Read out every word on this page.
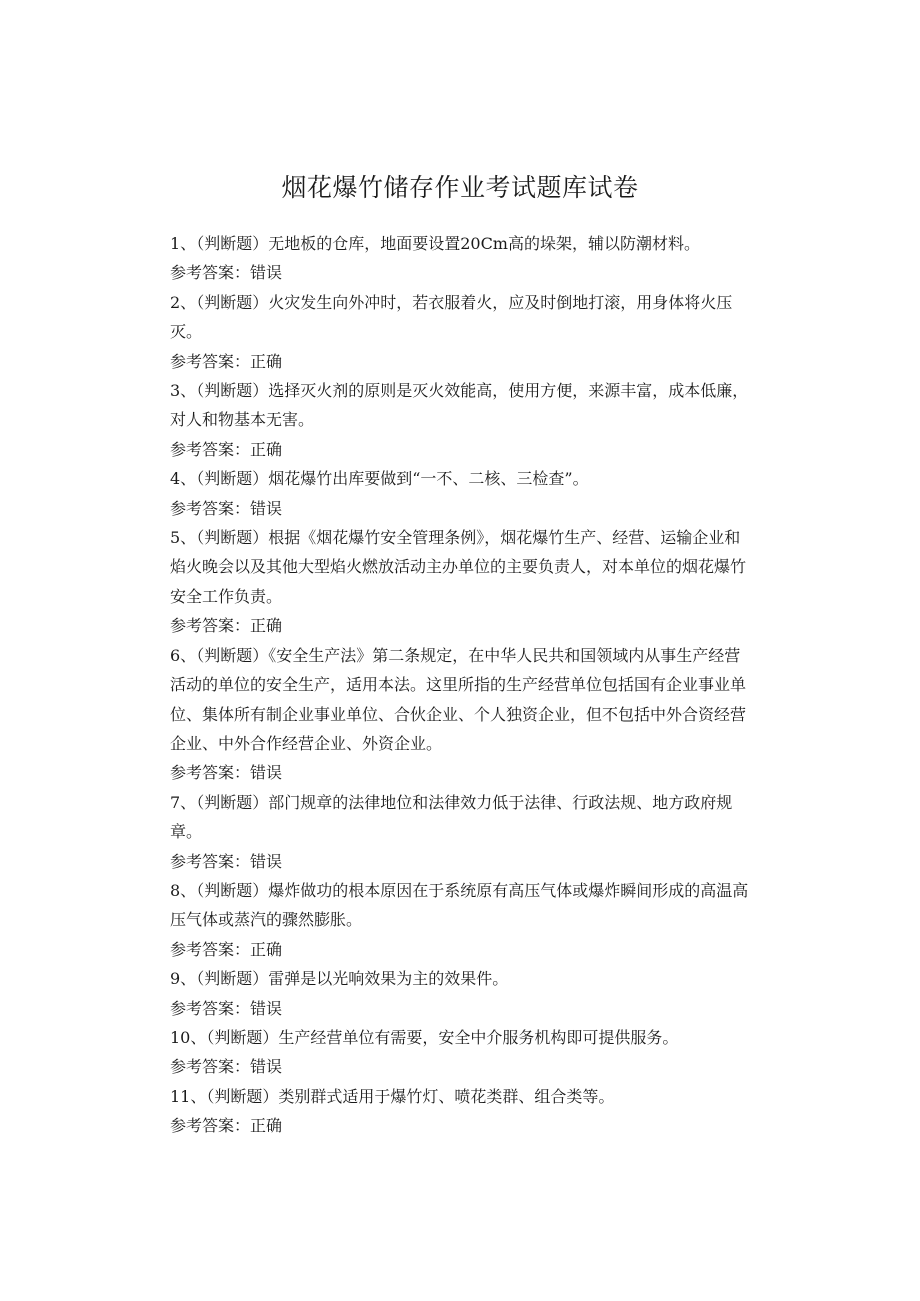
烟花爆竹储存作业考试题库试卷
1、（判断题）无地板的仓库，地面要设置20Cm高的垛架，辅以防潮材料。
参考答案：错误
2、（判断题）火灾发生向外冲时，若衣服着火，应及时倒地打滚，用身体将火压灭。
参考答案：正确
3、（判断题）选择灭火剂的原则是灭火效能高，使用方便，来源丰富，成本低廉，对人和物基本无害。
参考答案：正确
4、（判断题）烟花爆竹出库要做到“一不、二核、三检查”。
参考答案：错误
5、（判断题）根据《烟花爆竹安全管理条例》，烟花爆竹生产、经营、运输企业和焰火晚会以及其他大型焰火燃放活动主办单位的主要负责人，对本单位的烟花爆竹安全工作负责。
参考答案：正确
6、（判断题）《安全生产法》第二条规定，在中华人民共和国领域内从事生产经营活动的单位的安全生产，适用本法。这里所指的生产经营单位包括国有企业事业单位、集体所有制企业事业单位、合伙企业、个人独资企业，但不包括中外合资经营企业、中外合作经营企业、外资企业。
参考答案：错误
7、（判断题）部门规章的法律地位和法律效力低于法律、行政法规、地方政府规章。
参考答案：错误
8、（判断题）爆炸做功的根本原因在于系统原有高压气体或爆炸瞬间形成的高温高压气体或蒸汽的骤然膨胀。
参考答案：正确
9、（判断题）雷弹是以光响效果为主的效果件。
参考答案：错误
10、（判断题）生产经营单位有需要，安全中介服务机构即可提供服务。
参考答案：错误
11、（判断题）类别群式适用于爆竹灯、喷花类群、组合类等。
参考答案：正确
